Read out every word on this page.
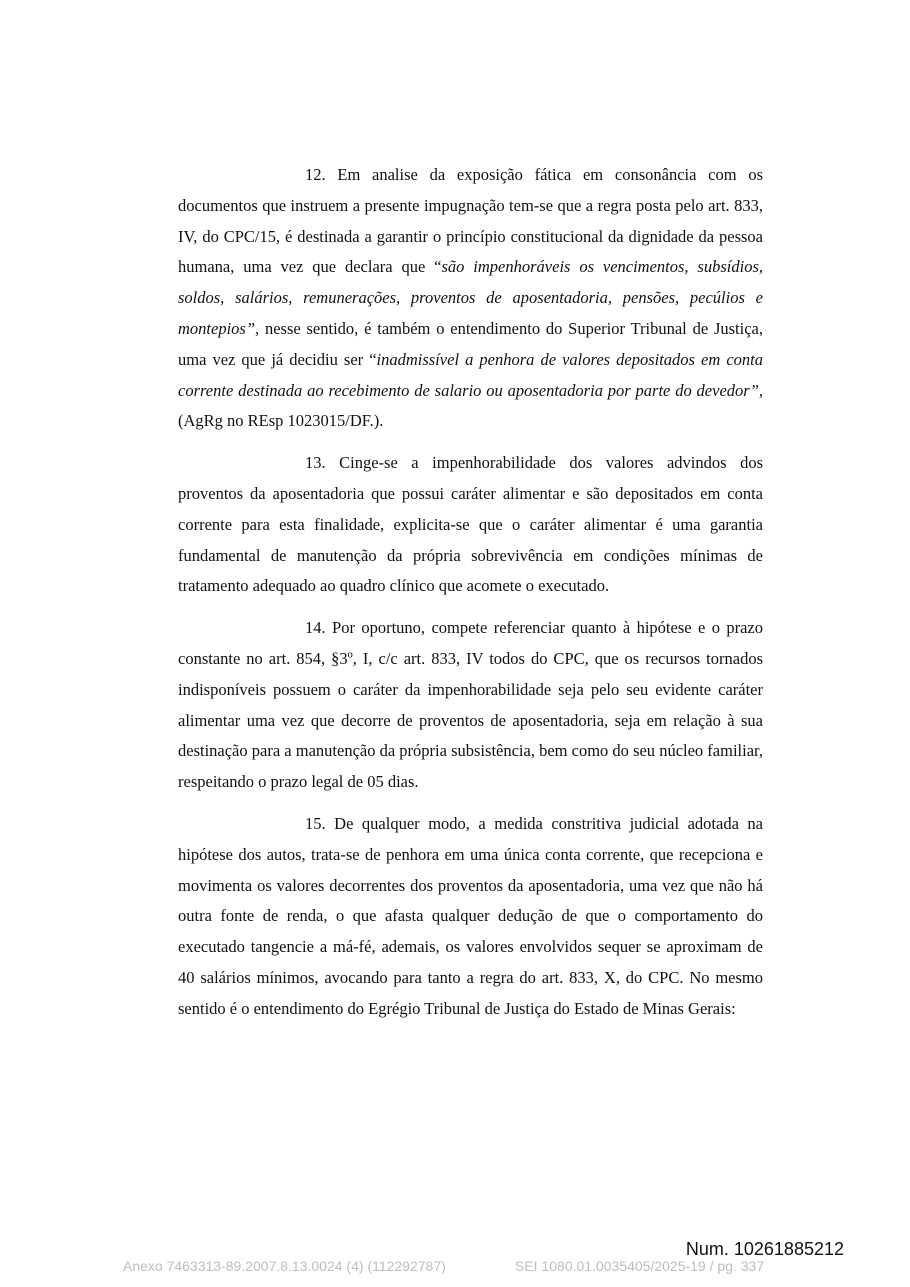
12. Em analise da exposição fática em consonância com os documentos que instruem a presente impugnação tem-se que a regra posta pelo art. 833, IV, do CPC/15, é destinada a garantir o princípio constitucional da dignidade da pessoa humana, uma vez que declara que “são impenhoráveis os vencimentos, subsídios, soldos, salários, remunerações, proventos de aposentadoria, pensões, pecúlios e montepios”, nesse sentido, é também o entendimento do Superior Tribunal de Justiça, uma vez que já decidiu ser “inadmissível a penhora de valores depositados em conta corrente destinada ao recebimento de salario ou aposentadoria por parte do devedor”, (AgRg no REsp 1023015/DF.).

13. Cinge-se a impenhorabilidade dos valores advindos dos proventos da aposentadoria que possui caráter alimentar e são depositados em conta corrente para esta finalidade, explicita-se que o caráter alimentar é uma garantia fundamental de manutenção da própria sobrevivência em condições mínimas de tratamento adequado ao quadro clínico que acomete o executado.

14. Por oportuno, compete referenciar quanto à hipótese e o prazo constante no art. 854, §3º, I, c/c art. 833, IV todos do CPC, que os recursos tornados indisponíveis possuem o caráter da impenhorabilidade seja pelo seu evidente caráter alimentar uma vez que decorre de proventos de aposentadoria, seja em relação à sua destinação para a manutenção da própria subsistência, bem como do seu núcleo familiar, respeitando o prazo legal de 05 dias.

15. De qualquer modo, a medida constritiva judicial adotada na hipótese dos autos, trata-se de penhora em uma única conta corrente, que recepciona e movimenta os valores decorrentes dos proventos da aposentadoria, uma vez que não há outra fonte de renda, o que afasta qualquer dedução de que o comportamento do executado tangencie a má-fé, ademais, os valores envolvidos sequer se aproximam de 40 salários mínimos, avocando para tanto a regra do art. 833, X, do CPC. No mesmo sentido é o entendimento do Egrégio Tribunal de Justiça do Estado de Minas Gerais:

Num. 10261885212
Anexo 7463313-89.2007.8.13.0024 (4) (112292787)	SEI 1080.01.0035405/2025-19 / pg. 337
